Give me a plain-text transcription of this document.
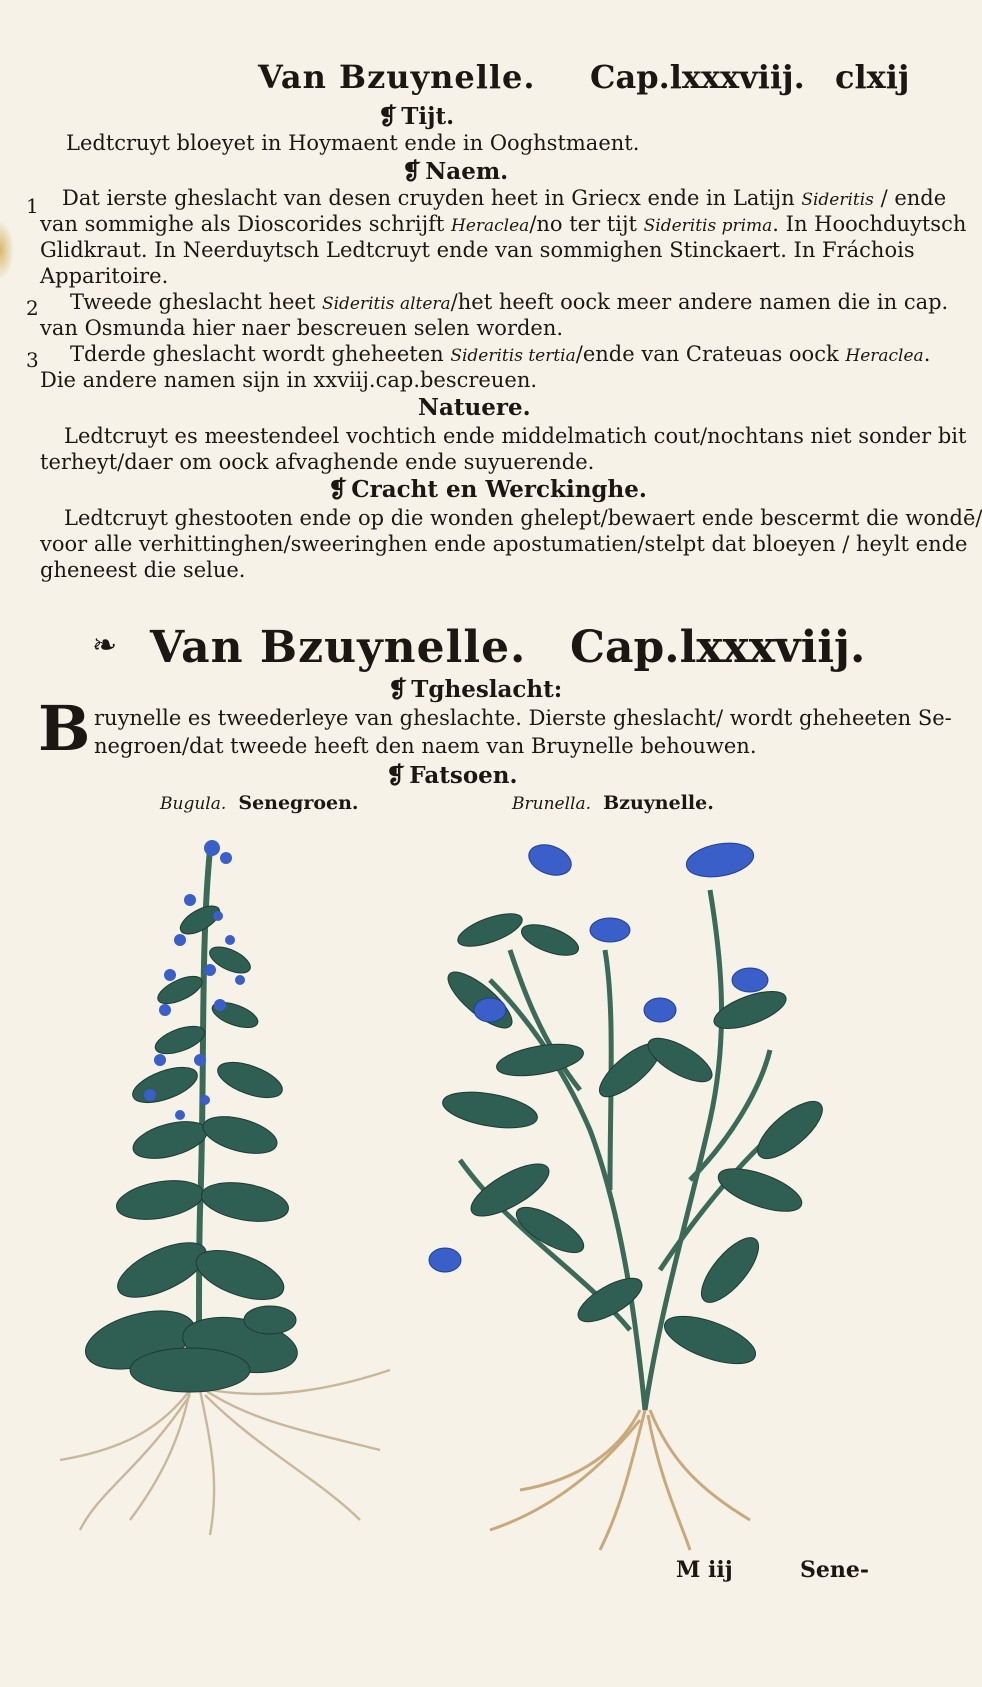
Van Bzuynelle. Cap.lxxxviij. clxij
❡ Tijt.
Ledtcruyt bloeyet in Hoymaent ende in Ooghstmaent.
❡ Naem.
1 Dat ierste gheslacht van desen cruyden heet in Griecx ende in Latijn Sideritis / ende
van sommighe als Dioscorides schrijft Heraclea/no ter tijt Sideritis prima. In Hoochduytsch
Glidkraut. In Neerduytsch Ledtcruyt ende van sommighen Stinckaert. In Fráchois
Apparitoire.
2 Tweede gheslacht heet Sideritis altera/het heeft oock meer andere namen die in cap.
van Osmunda hier naer bescreuen selen worden.
3 Tderde gheslacht wordt gheheeten Sideritis tertia/ende van Crateuas oock Heraclea.
Die andere namen sijn in xxviij.cap.bescreuen.
Natuere.
Ledtcruyt es meestendeel vochtich ende middelmatich cout/nochtans niet sonder bit
terheyt/daer om oock afvaghende ende suyuerende.
❡ Cracht en Werckinghe.
Ledtcruyt ghestooten ende op die wonden ghelept/bewaert ende bescermt die wondē/
voor alle verhittinghen/sweeringhen ende apostumatien/stelpt dat bloeyen / heylt ende
gheneest die selue.
❧ Van Bzuynelle. Cap.lxxxviij.
❡ Tgheslacht:
B ruynelle es tweederleye van gheslachte. Dierste gheslacht/ wordt gheheeten Se-
negroen/dat tweede heeft den naem van Bruynelle behouwen.
❡ Fatsoen.
Bugula. Senegroen.	Brunella. Bzuynelle.
M iij	Sene-
